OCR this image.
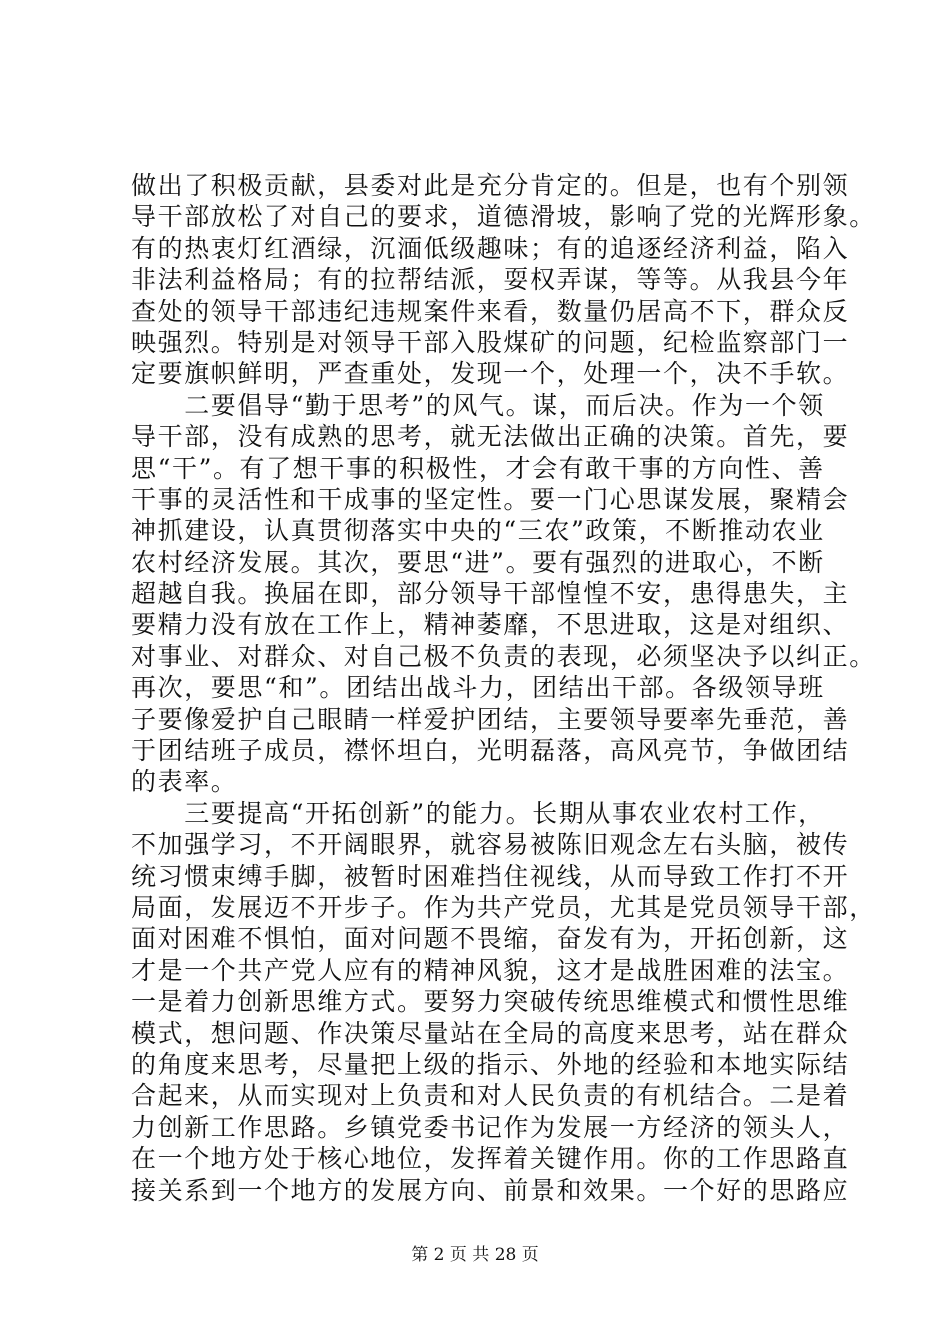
做出了积极贡献，县委对此是充分肯定的。但是，也有个别领
导干部放松了对自己的要求，道德滑坡，影响了党的光辉形象。
有的热衷灯红酒绿，沉湎低级趣味；有的追逐经济利益，陷入
非法利益格局；有的拉帮结派，耍权弄谋，等等。从我县今年
查处的领导干部违纪违规案件来看，数量仍居高不下，群众反
映强烈。特别是对领导干部入股煤矿的问题，纪检监察部门一
定要旗帜鲜明，严查重处，发现一个，处理一个，决不手软。
　　二要倡导“勤于思考”的风气。谋，而后决。作为一个领
导干部，没有成熟的思考，就无法做出正确的决策。首先，要
思“干”。有了想干事的积极性，才会有敢干事的方向性、善
干事的灵活性和干成事的坚定性。要一门心思谋发展，聚精会
神抓建设，认真贯彻落实中央的“三农”政策，不断推动农业
农村经济发展。其次，要思“进”。要有强烈的进取心，不断
超越自我。换届在即，部分领导干部惶惶不安，患得患失，主
要精力没有放在工作上，精神萎靡，不思进取，这是对组织、
对事业、对群众、对自己极不负责的表现，必须坚决予以纠正。
再次，要思“和”。团结出战斗力，团结出干部。各级领导班
子要像爱护自己眼睛一样爱护团结，主要领导要率先垂范，善
于团结班子成员，襟怀坦白，光明磊落，高风亮节，争做团结
的表率。
　　三要提高“开拓创新”的能力。长期从事农业农村工作，
不加强学习，不开阔眼界，就容易被陈旧观念左右头脑，被传
统习惯束缚手脚，被暂时困难挡住视线，从而导致工作打不开
局面，发展迈不开步子。作为共产党员，尤其是党员领导干部，
面对困难不惧怕，面对问题不畏缩，奋发有为，开拓创新，这
才是一个共产党人应有的精神风貌，这才是战胜困难的法宝。
一是着力创新思维方式。要努力突破传统思维模式和惯性思维
模式，想问题、作决策尽量站在全局的高度来思考，站在群众
的角度来思考，尽量把上级的指示、外地的经验和本地实际结
合起来，从而实现对上负责和对人民负责的有机结合。二是着
力创新工作思路。乡镇党委书记作为发展一方经济的领头人，
在一个地方处于核心地位，发挥着关键作用。你的工作思路直
接关系到一个地方的发展方向、前景和效果。一个好的思路应
第 2 页 共 28 页
